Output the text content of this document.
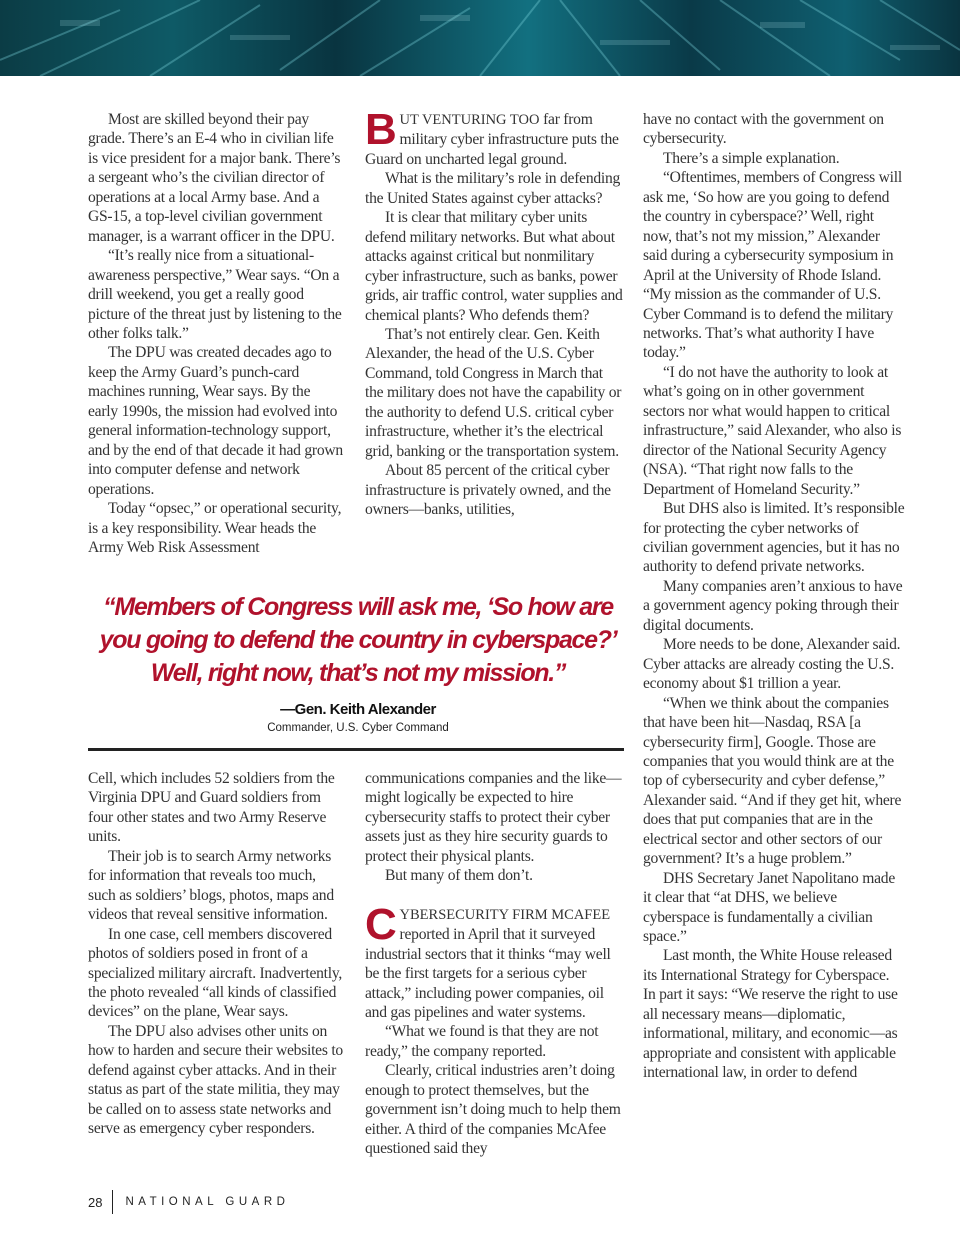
Most are skilled beyond their pay grade. There’s an E-4 who in civilian life is vice president for a major bank. There’s a sergeant who’s the civilian director of operations at a local Army base. And a GS-15, a top-level civilian government manager, is a warrant officer in the DPU.

“It’s really nice from a situational-awareness perspective,” Wear says. “On a drill weekend, you get a really good picture of the threat just by listening to the other folks talk.”

The DPU was created decades ago to keep the Army Guard’s punch-card machines running, Wear says. By the early 1990s, the mission had evolved into general information-technology support, and by the end of that decade it had grown into computer defense and network operations.

Today “opsec,” or operational security, is a key responsibility. Wear heads the Army Web Risk Assessment

BUT VENTURING TOO far from military cyber infrastructure puts the Guard on uncharted legal ground.

What is the military’s role in defending the United States against cyber attacks?

It is clear that military cyber units defend military networks. But what about attacks against critical but nonmilitary cyber infrastructure, such as banks, power grids, air traffic control, water supplies and chemical plants? Who defends them?

That’s not entirely clear. Gen. Keith Alexander, the head of the U.S. Cyber Command, told Congress in March that the military does not have the capability or the authority to defend U.S. critical cyber infrastructure, whether it’s the electrical grid, banking or the transportation system.

About 85 percent of the critical cyber infrastructure is privately owned, and the owners—banks, utilities,

have no contact with the government on cybersecurity.

There’s a simple explanation.

“Oftentimes, members of Congress will ask me, ‘So how are you going to defend the country in cyberspace?’ Well, right now, that’s not my mission,” Alexander said during a cybersecurity symposium in April at the University of Rhode Island. “My mission as the commander of U.S. Cyber Command is to defend the military networks. That’s what authority I have today.”

“I do not have the authority to look at what’s going on in other government sectors nor what would happen to critical infrastructure,” said Alexander, who also is director of the National Security Agency (NSA). “That right now falls to the Department of Homeland Security.”

But DHS also is limited. It’s responsible for protecting the cyber networks of civilian government agencies, but it has no authority to defend private networks.

Many companies aren’t anxious to have a government agency poking through their digital documents.

More needs to be done, Alexander said. Cyber attacks are already costing the U.S. economy about $1 trillion a year.

“When we think about the companies that have been hit—Nasdaq, RSA [a cybersecurity firm], Google. Those are companies that you would think are at the top of cybersecurity and cyber defense,” Alexander said. “And if they get hit, where does that put companies that are in the electrical sector and other sectors of our government? It’s a huge problem.”

DHS Secretary Janet Napolitano made it clear that “at DHS, we believe cyberspace is fundamentally a civilian space.”

Last month, the White House released its International Strategy for Cyberspace. In part it says: “We reserve the right to use all necessary means—diplomatic, informational, military, and economic—as appropriate and consistent with applicable international law, in order to defend

“Members of Congress will ask me, ‘So how are you going to defend the country in cyberspace?’ Well, right now, that’s not my mission.”
—Gen. Keith Alexander
Commander, U.S. Cyber Command

Cell, which includes 52 soldiers from the Virginia DPU and Guard soldiers from four other states and two Army Reserve units.

Their job is to search Army networks for information that reveals too much, such as soldiers’ blogs, photos, maps and videos that reveal sensitive information.

In one case, cell members discovered photos of soldiers posed in front of a specialized military aircraft. Inadvertently, the photo revealed “all kinds of classified devices” on the plane, Wear says.

The DPU also advises other units on how to harden and secure their websites to defend against cyber attacks. And in their status as part of the state militia, they may be called on to assess state networks and serve as emergency cyber responders.

communications companies and the like—might logically be expected to hire cybersecurity staffs to protect their cyber assets just as they hire security guards to protect their physical plants.

But many of them don’t.

CYBERSECURITY FIRM MCAFEE reported in April that it surveyed industrial sectors that it thinks “may well be the first targets for a serious cyber attack,” including power companies, oil and gas pipelines and water systems.

“What we found is that they are not ready,” the company reported.

Clearly, critical industries aren’t doing enough to protect themselves, but the government isn’t doing much to help them either. A third of the companies McAfee questioned said they

28 NATIONAL GUARD
